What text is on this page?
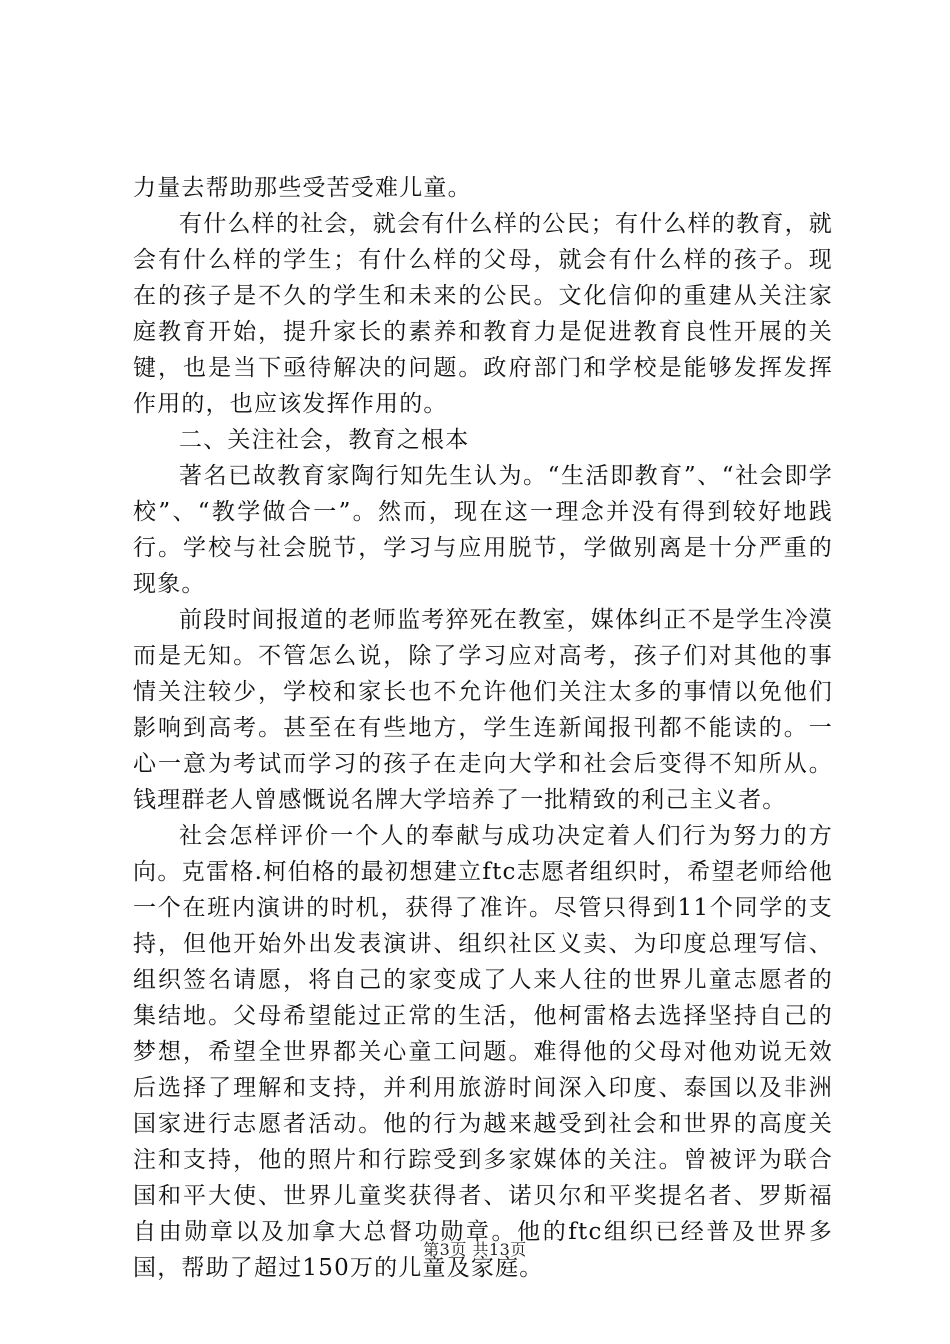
力量去帮助那些受苦受难儿童。

有什么样的社会，就会有什么样的公民；有什么样的教育，就会有什么样的学生；有什么样的父母，就会有什么样的孩子。现在的孩子是不久的学生和未来的公民。文化信仰的重建从关注家庭教育开始，提升家长的素养和教育力是促进教育良性开展的关键，也是当下亟待解决的问题。政府部门和学校是能够发挥发挥作用的，也应该发挥作用的。

二、关注社会，教育之根本

著名已故教育家陶行知先生认为。“生活即教育”、“社会即学校”、“教学做合一”。然而，现在这一理念并没有得到较好地践行。学校与社会脱节，学习与应用脱节，学做别离是十分严重的现象。

前段时间报道的老师监考猝死在教室，媒体纠正不是学生冷漠而是无知。不管怎么说，除了学习应对高考，孩子们对其他的事情关注较少，学校和家长也不允许他们关注太多的事情以免他们影响到高考。甚至在有些地方，学生连新闻报刊都不能读的。一心一意为考试而学习的孩子在走向大学和社会后变得不知所从。钱理群老人曾感慨说名牌大学培养了一批精致的利己主义者。

社会怎样评价一个人的奉献与成功决定着人们行为努力的方向。克雷格.柯伯格的最初想建立ftc志愿者组织时，希望老师给他一个在班内演讲的时机，获得了准许。尽管只得到11个同学的支持，但他开始外出发表演讲、组织社区义卖、为印度总理写信、组织签名请愿，将自己的家变成了人来人往的世界儿童志愿者的集结地。父母希望能过正常的生活，他柯雷格去选择坚持自己的梦想，希望全世界都关心童工问题。难得他的父母对他劝说无效后选择了理解和支持，并利用旅游时间深入印度、泰国以及非洲国家进行志愿者活动。他的行为越来越受到社会和世界的高度关注和支持，他的照片和行踪受到多家媒体的关注。曾被评为联合国和平大使、世界儿童奖获得者、诺贝尔和平奖提名者、罗斯福自由勋章以及加拿大总督功勋章。他的ftc组织已经普及世界多国，帮助了超过150万的儿童及家庭。

第3页 共13页
